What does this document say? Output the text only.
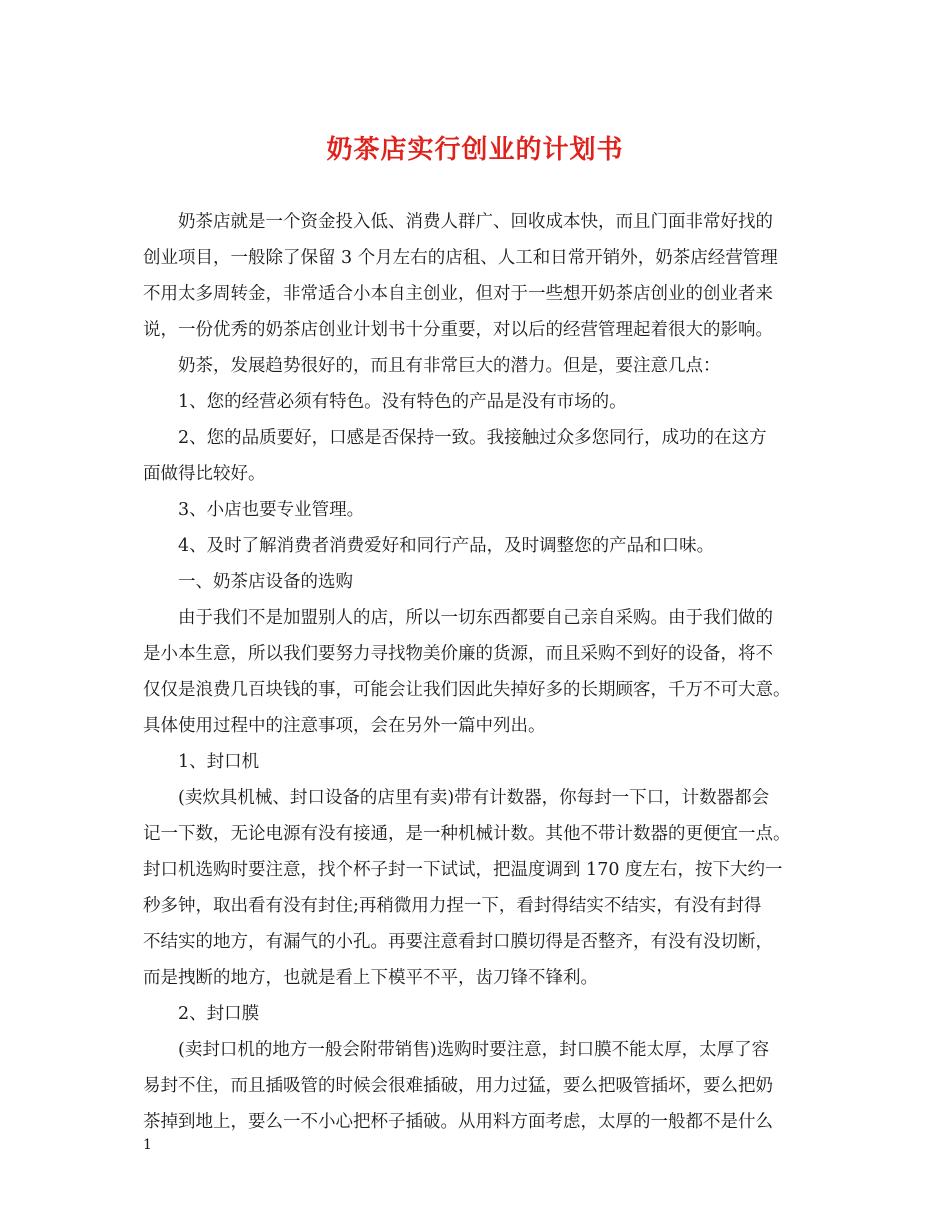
奶茶店实行创业的计划书
奶茶店就是一个资金投入低、消费人群广、回收成本快，而且门面非常好找的
创业项目，一般除了保留 3 个月左右的店租、人工和日常开销外，奶茶店经营管理
不用太多周转金，非常适合小本自主创业，但对于一些想开奶茶店创业的创业者来
说，一份优秀的奶茶店创业计划书十分重要，对以后的经营管理起着很大的影响。
奶茶，发展趋势很好的，而且有非常巨大的潜力。但是，要注意几点：
1、您的经营必须有特色。没有特色的产品是没有市场的。
2、您的品质要好，口感是否保持一致。我接触过众多您同行，成功的在这方
面做得比较好。
3、小店也要专业管理。
4、及时了解消费者消费爱好和同行产品，及时调整您的产品和口味。
一、奶茶店设备的选购
由于我们不是加盟别人的店，所以一切东西都要自己亲自采购。由于我们做的
是小本生意，所以我们要努力寻找物美价廉的货源，而且采购不到好的设备，将不
仅仅是浪费几百块钱的事，可能会让我们因此失掉好多的长期顾客，千万不可大意。
具体使用过程中的注意事项，会在另外一篇中列出。
1、封口机
(卖炊具机械、封口设备的店里有卖)带有计数器，你每封一下口，计数器都会
记一下数，无论电源有没有接通，是一种机械计数。其他不带计数器的更便宜一点。
封口机选购时要注意，找个杯子封一下试试，把温度调到 170 度左右，按下大约一
秒多钟，取出看有没有封住;再稍微用力捏一下，看封得结实不结实，有没有封得
不结实的地方，有漏气的小孔。再要注意看封口膜切得是否整齐，有没有没切断，
而是拽断的地方，也就是看上下模平不平，齿刀锋不锋利。
2、封口膜
(卖封口机的地方一般会附带销售)选购时要注意，封口膜不能太厚，太厚了容
易封不住，而且插吸管的时候会很难插破，用力过猛，要么把吸管插坏，要么把奶
茶掉到地上，要么一不小心把杯子插破。从用料方面考虑，太厚的一般都不是什么
1
